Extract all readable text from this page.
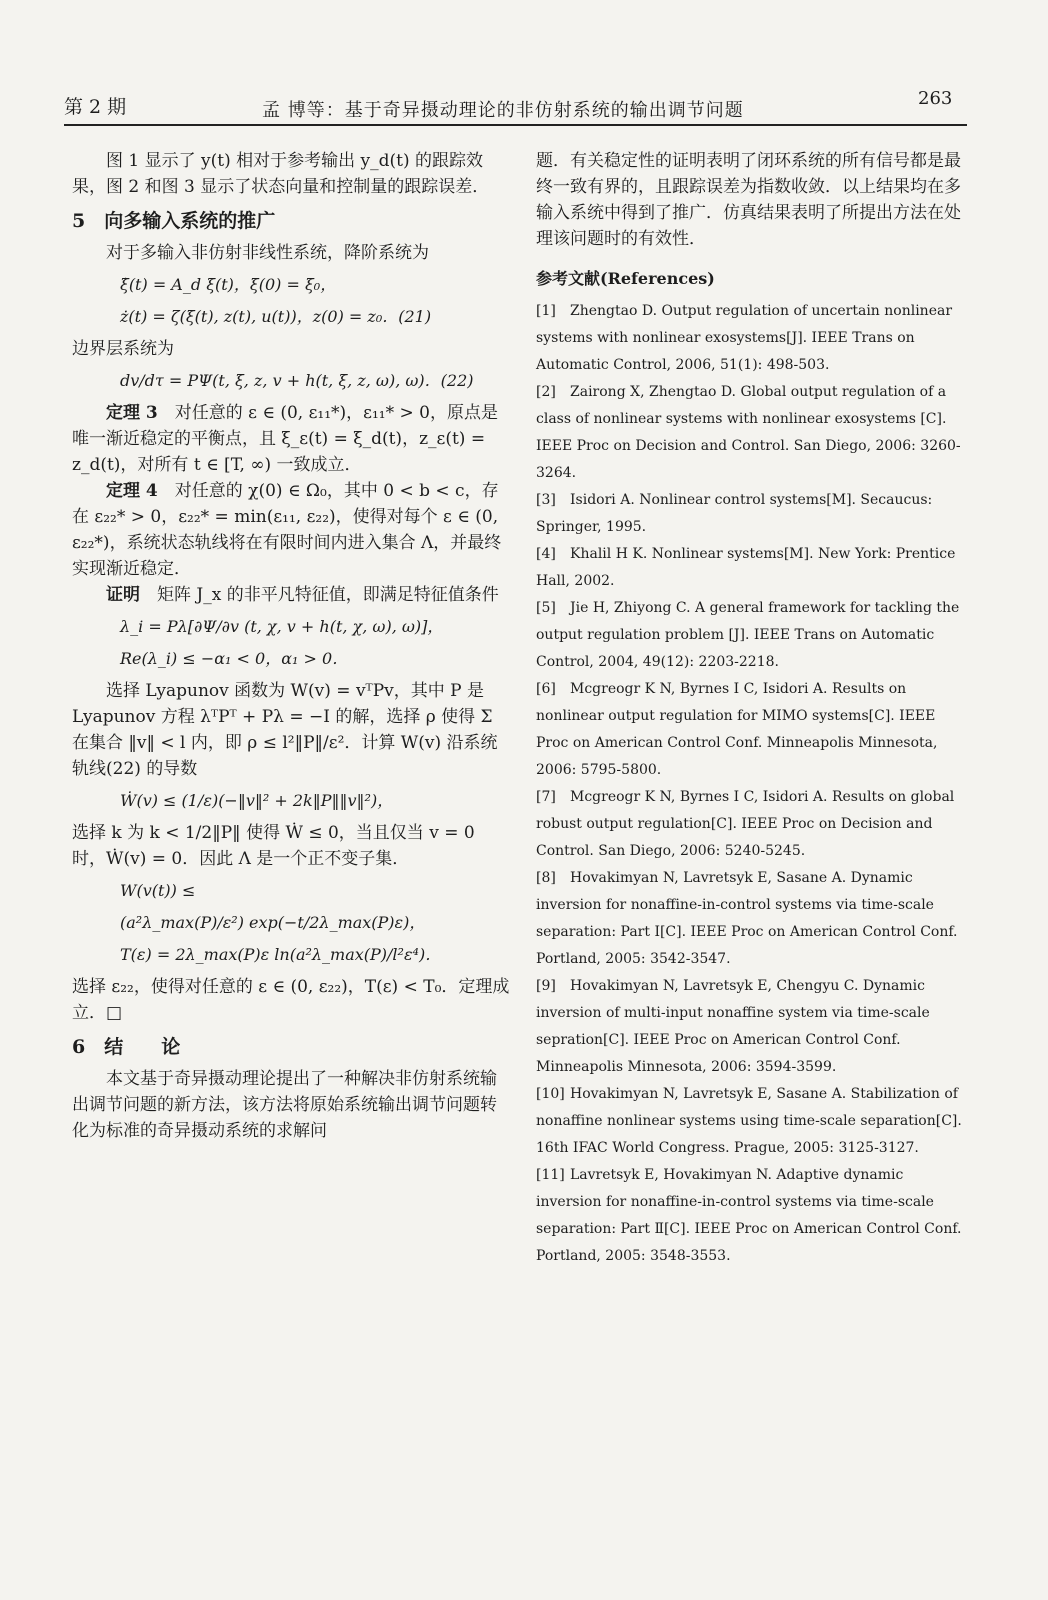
第 2 期	孟 博等：基于奇异摄动理论的非仿射系统的输出调节问题
263

图 1 显示了 y(t) 相对于参考输出 y_d(t) 的跟踪效果，图 2 和图 3 显示了状态向量和控制量的跟踪误差．

5　向多输入系统的推广

对于多输入非仿射非线性系统，降阶系统为

ξ̇(t) = A_d ξ(t)，ξ(0) = ξ₀，
ż(t) = ζ(ξ(t), z(t), u(t))，z(0) = z₀．(21)

边界层系统为

dv/dτ = PΨ(t, ξ, z, v + h(t, ξ, z, ω), ω)．(22)

定理 3　 对任意的 ε ∈ (0, ε₁₁*)，ε₁₁* > 0，原点是唯一渐近稳定的平衡点，且 ξ_ε(t) = ξ_d(t)，z_ε(t) = z_d(t)，对所有 t ∈ [T, ∞) 一致成立．

定理 4　 对任意的 χ(0) ∈ Ω₀，其中 0 < b < c，存在 ε₂₂* > 0，ε₂₂* = min(ε₁₁, ε₂₂)，使得对每个 ε ∈ (0, ε₂₂*)，系统状态轨线将在有限时间内进入集合 Λ，并最终实现渐近稳定．

证明　 矩阵 J_x 的非平凡特征值，即满足特征值条件

λ_i = Pλ[∂Ψ/∂v (t, χ, v + h(t, χ, ω), ω)]，
Re(λ_i) ≤ −α₁ < 0，α₁ > 0．

选择 Lyapunov 函数为 W(v) = vᵀPv，其中 P 是 Lyapunov 方程 λᵀPᵀ + Pλ = −I 的解，选择 ρ 使得 Σ 在集合 ‖v‖ < l 内，即 ρ ≤ l²‖P‖/ε²．计算 W(v) 沿系统轨线(22) 的导数

Ẇ(v) ≤ (1/ε)(−‖v‖² + 2k‖P‖‖v‖²)，

选择 k 为 k < 1/2‖P‖ 使得 Ẇ ≤ 0，当且仅当 v = 0 时，Ẇ(v) = 0．因此 Λ 是一个正不变子集．

W(v(t)) ≤
(a²λ_max(P)/ε²) exp(−t/2λ_max(P)ε)，
T(ε) = 2λ_max(P)ε ln(a²λ_max(P)/l²ε⁴)．

选择 ε₂₂，使得对任意的 ε ∈ (0, ε₂₂)，T(ε) < T₀．定理成立．□

6　结　　论

本文基于奇异摄动理论提出了一种解决非仿射系统输出调节问题的新方法，该方法将原始系统输出调节问题转化为标准的奇异摄动系统的求解问

题．有关稳定性的证明表明了闭环系统的所有信号都是最终一致有界的，且跟踪误差为指数收敛．以上结果均在多输入系统中得到了推广．仿真结果表明了所提出方法在处理该问题时的有效性．

参考文献(References)
[1] Zhengtao D. Output regulation of uncertain nonlinear systems with nonlinear exosystems[J]. IEEE Trans on Automatic Control, 2006, 51(1): 498-503.
[2] Zairong X, Zhengtao D. Global output regulation of a class of nonlinear systems with nonlinear exosystems [C]. IEEE Proc on Decision and Control. San Diego, 2006: 3260-3264.
[3] Isidori A. Nonlinear control systems[M]. Secaucus: Springer, 1995.
[4] Khalil H K. Nonlinear systems[M]. New York: Prentice Hall, 2002.
[5] Jie H, Zhiyong C. A general framework for tackling the output regulation problem [J]. IEEE Trans on Automatic Control, 2004, 49(12): 2203-2218.
[6] Mcgreogr K N, Byrnes I C, Isidori A. Results on nonlinear output regulation for MIMO systems[C]. IEEE Proc on American Control Conf. Minneapolis Minnesota, 2006: 5795-5800.
[7] Mcgreogr K N, Byrnes I C, Isidori A. Results on global robust output regulation[C]. IEEE Proc on Decision and Control. San Diego, 2006: 5240-5245.
[8] Hovakimyan N, Lavretsyk E, Sasane A. Dynamic inversion for nonaffine-in-control systems via time-scale separation: Part Ⅰ[C]. IEEE Proc on American Control Conf. Portland, 2005: 3542-3547.
[9] Hovakimyan N, Lavretsyk E, Chengyu C. Dynamic inversion of multi-input nonaffine system via time-scale sepration[C]. IEEE Proc on American Control Conf. Minneapolis Minnesota, 2006: 3594-3599.
[10] Hovakimyan N, Lavretsyk E, Sasane A. Stabilization of nonaffine nonlinear systems using time-scale separation[C]. 16th IFAC World Congress. Prague, 2005: 3125-3127.
[11] Lavretsyk E, Hovakimyan N. Adaptive dynamic inversion for nonaffine-in-control systems via time-scale separation: Part Ⅱ[C]. IEEE Proc on American Control Conf. Portland, 2005: 3548-3553.
